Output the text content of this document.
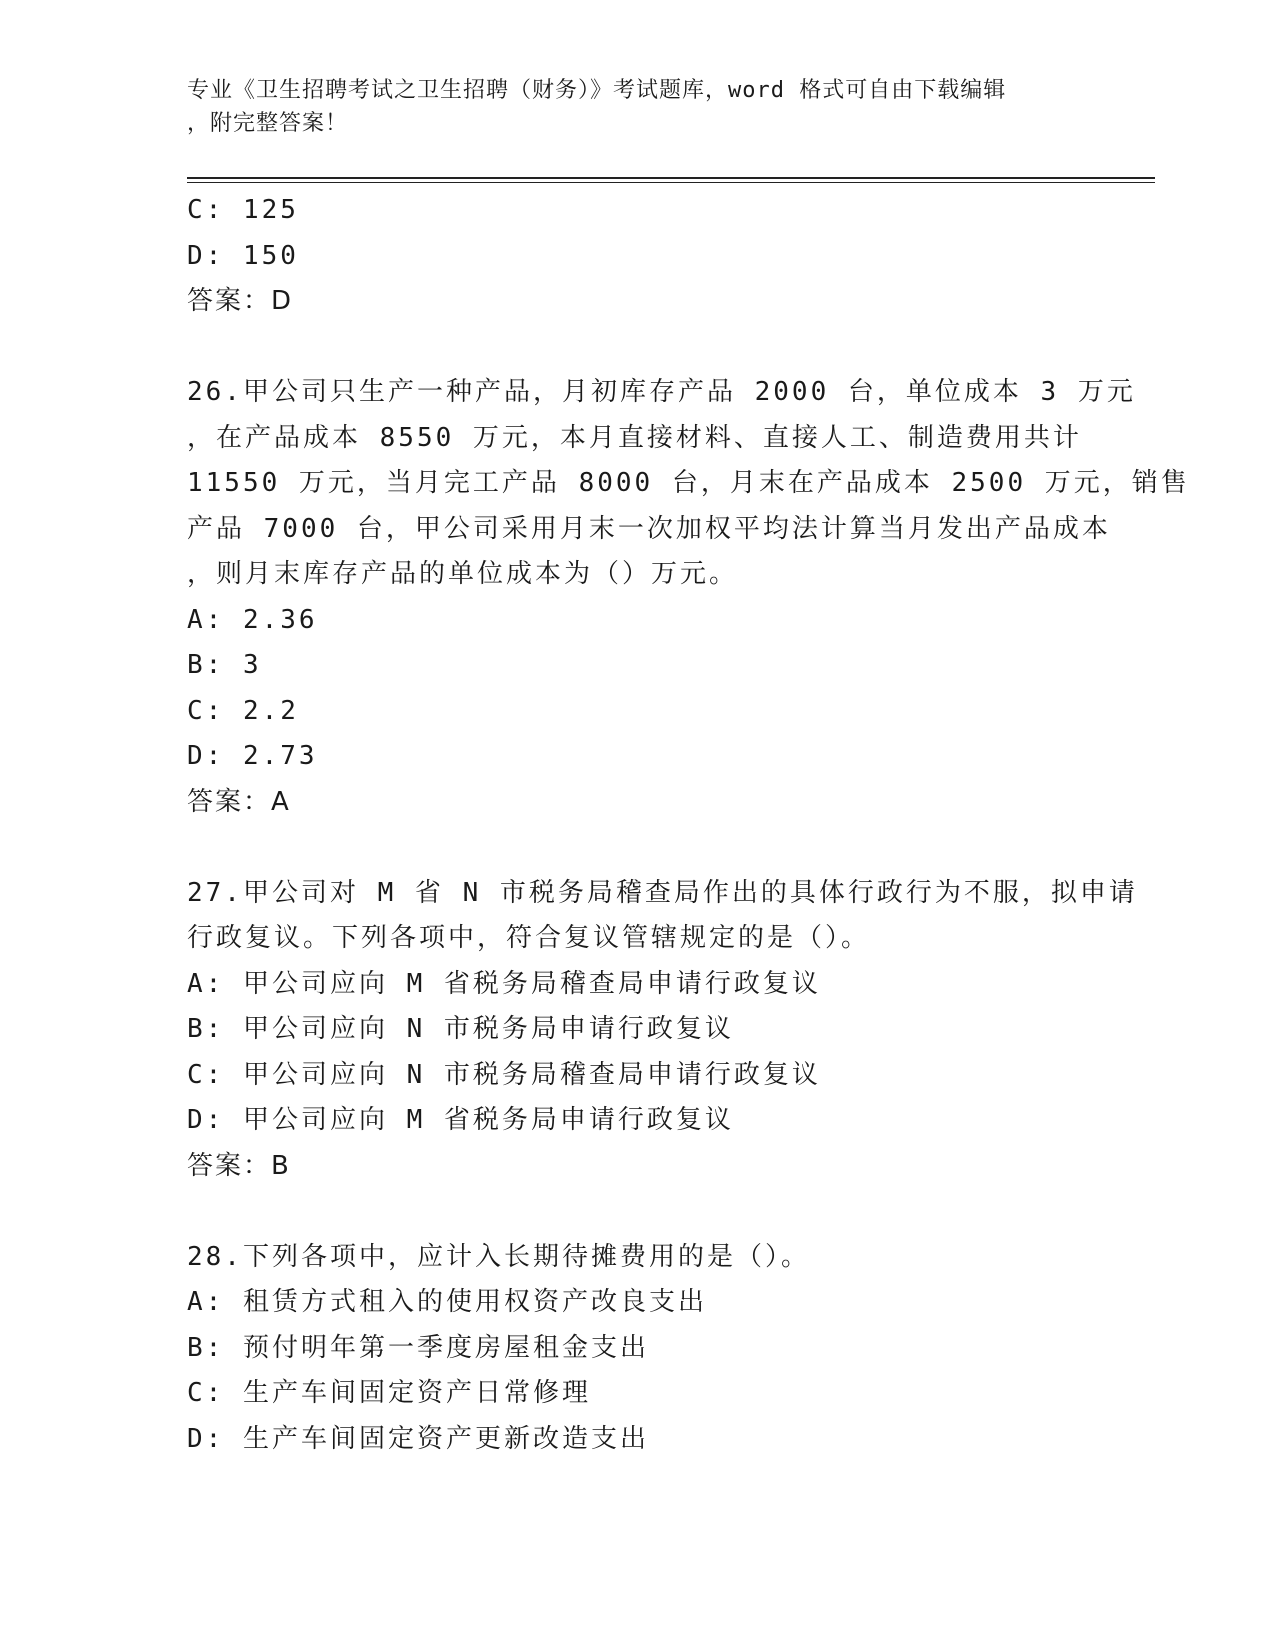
专业《卫生招聘考试之卫生招聘（财务）》考试题库，word 格式可自由下载编辑
，附完整答案！
C: 125
D: 150
答案：D
26.甲公司只生产一种产品，月初库存产品 2000 台，单位成本 3 万元
，在产品成本 8550 万元，本月直接材料、直接人工、制造费用共计
11550 万元，当月完工产品 8000 台，月末在产品成本 2500 万元，销售
产品 7000 台，甲公司采用月末一次加权平均法计算当月发出产品成本
，则月末库存产品的单位成本为（）万元。
A: 2.36
B: 3
C: 2.2
D: 2.73
答案：A
27.甲公司对 M 省 N 市税务局稽查局作出的具体行政行为不服，拟申请
行政复议。下列各项中，符合复议管辖规定的是（）。
A: 甲公司应向 M 省税务局稽查局申请行政复议
B: 甲公司应向 N 市税务局申请行政复议
C: 甲公司应向 N 市税务局稽查局申请行政复议
D: 甲公司应向 M 省税务局申请行政复议
答案：B
28.下列各项中，应计入长期待摊费用的是（）。
A: 租赁方式租入的使用权资产改良支出
B: 预付明年第一季度房屋租金支出
C: 生产车间固定资产日常修理
D: 生产车间固定资产更新改造支出
